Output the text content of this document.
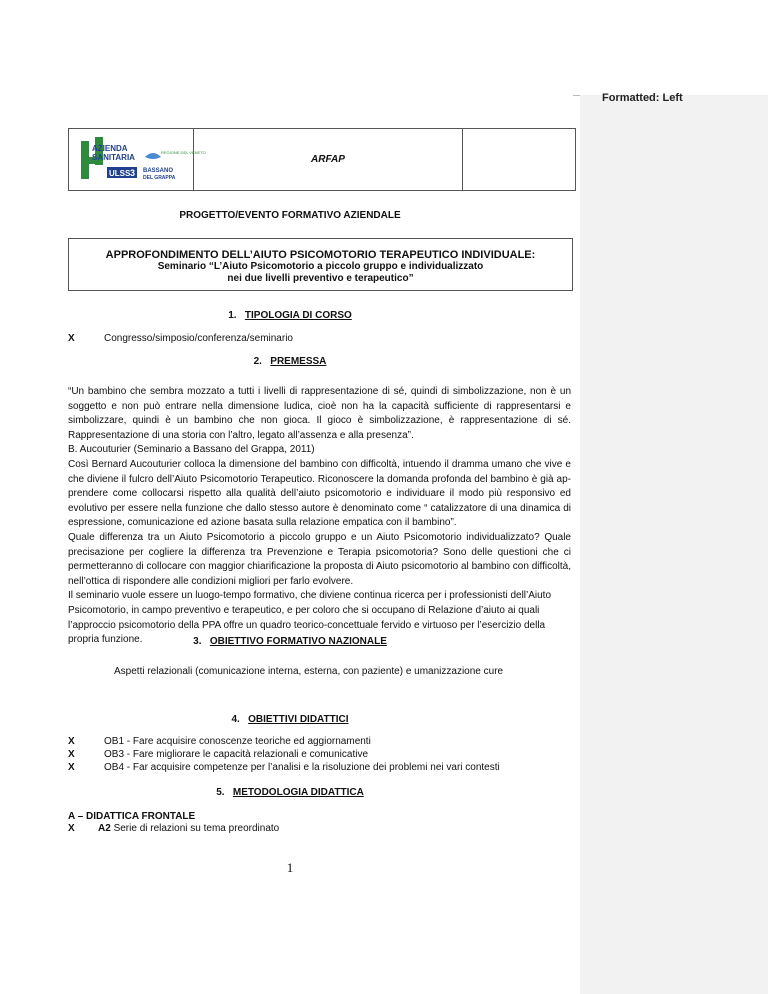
AZIENDA
SANITARIA
REGIONE DEL VENETO
ULSS 3 BASSANO
DEL GRAPPA
ARFAP
PROGETTO/EVENTO FORMATIVO AZIENDALE
APPROFONDIMENTO DELL’AIUTO PSICOMOTORIO TERAPEUTICO INDIVIDUALE:
Seminario “L’Aiuto Psicomotorio a piccolo gruppo e individualizzato
nei due livelli preventivo e terapeutico”
1. TIPOLOGIA DI CORSO
X	Congresso/simposio/conferenza/seminario
2. PREMESSA

“Un bambino che sembra mozzato a tutti i livelli di rappresentazione di sé, quindi di simbolizzazione, non è un soggetto e non può entrare nella dimensione ludica, cioè non ha la capacità sufficiente di rappresentarsi e simbolizzare, quindi è un bambino che non gioca. Il gioco è simbolizzazione, è rappresentazione di sé. Rappresentazione di una storia con l’altro, legato all’assenza e alla presenza”.

B. Aucouturier (Seminario a Bassano del Grappa, 2011)

Così Bernard Aucouturier colloca la dimensione del bambino con difficoltà, intuendo il dramma umano che vive e che diviene il fulcro dell’Aiuto Psicomotorio Terapeutico. Riconoscere la domanda profonda del bambino è già ap-prendere come collocarsi rispetto alla qualità dell’aiuto psicomotorio e individuare il modo più responsivo ed evolutivo per essere nella funzione che dallo stesso autore è denominato come “ catalizzatore di una dinamica di espressione, comunicazione ed azione basata sulla relazione empatica con il bambino”.

Quale differenza tra un Aiuto Psicomotorio a piccolo gruppo e un Aiuto Psicomotorio individualizzato? Quale precisazione per cogliere la differenza tra Prevenzione e Terapia psicomotoria? Sono delle questioni che ci permetteranno di collocare con maggior chiarificazione la proposta di Aiuto psicomotorio al bambino con difficoltà, nell’ottica di rispondere alle condizioni migliori per farlo evolvere.

Il seminario vuole essere un luogo-tempo formativo, che diviene continua ricerca per i professionisti dell’Aiuto Psicomotorio, in campo preventivo e terapeutico, e per coloro che si occupano di Relazione d’aiuto ai quali l’approccio psicomotorio della PPA offre un quadro teorico-concettuale fervido e virtuoso per l’esercizio della propria funzione.	3. OBIETTIVO FORMATIVO NAZIONALE
Aspetti relazionali (comunicazione interna, esterna, con paziente) e umanizzazione cure
4. OBIETTIVI DIDATTICI
X	OB1 - Fare acquisire conoscenze teoriche ed aggiornamenti
X	OB3 - Fare migliorare le capacità relazionali e comunicative
X	OB4 - Far acquisire competenze per l’analisi e la risoluzione dei problemi nei vari contesti
5. METODOLOGIA DIDATTICA
A – DIDATTICA FRONTALE
X A2 Serie di relazioni su tema preordinato
1
Formatted: Left
